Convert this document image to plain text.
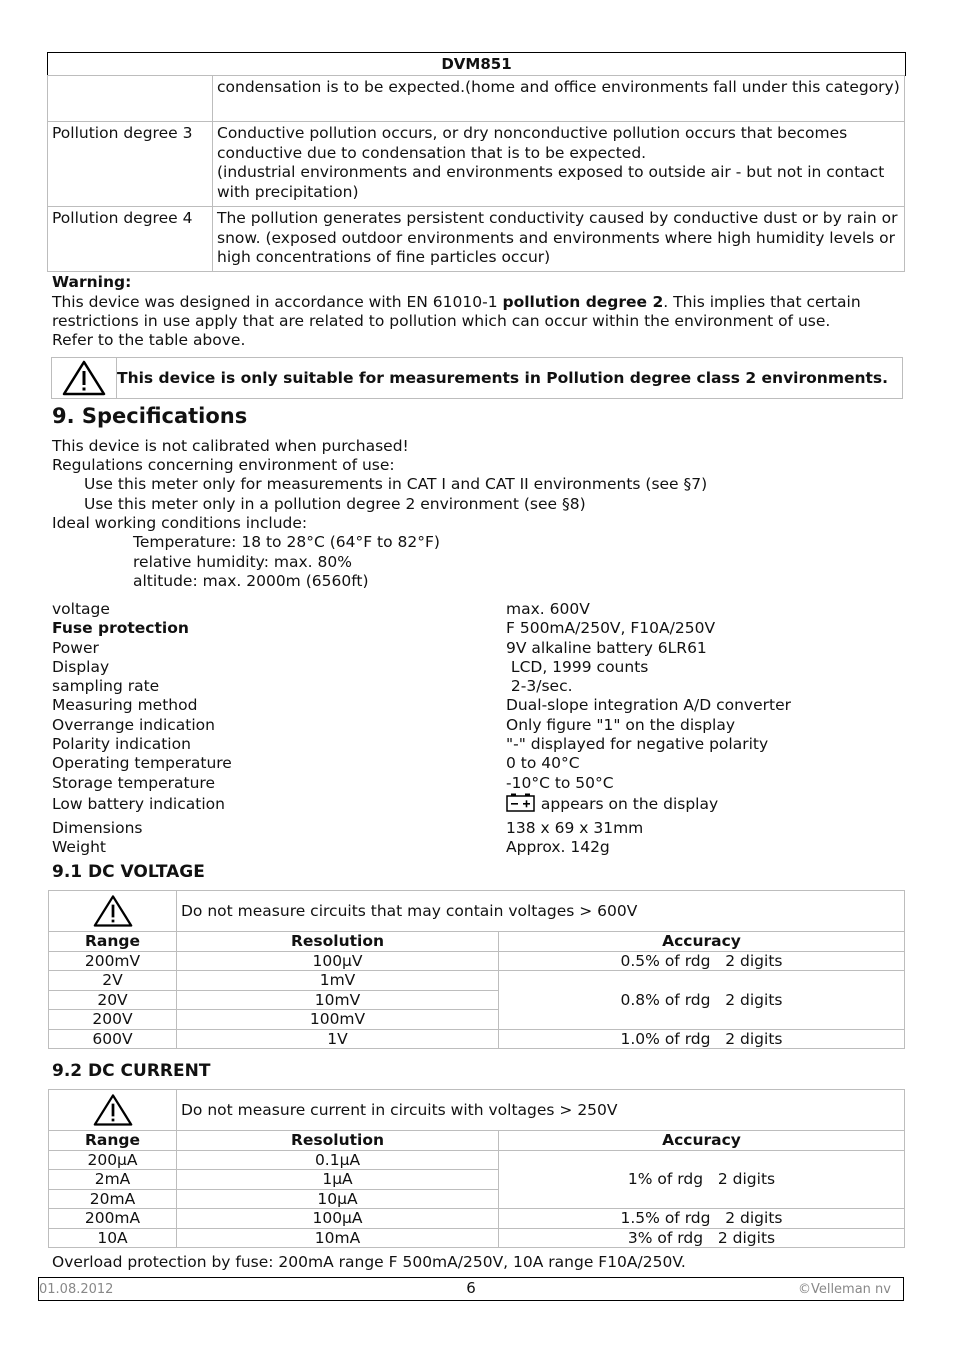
DVM851
	condensation is to be expected.(home and office environments fall under this category)
Pollution degree 3	Conductive pollution occurs, or dry nonconductive pollution occurs that becomes conductive due to condensation that is to be expected.
(industrial environments and environments exposed to outside air - but not in contact with precipitation)
Pollution degree 4	The pollution generates persistent conductivity caused by conductive dust or by rain or snow. (exposed outdoor environments and environments where high humidity levels or high concentrations of fine particles occur)
Warning:
This device was designed in accordance with EN 61010-1 pollution degree 2. This implies that certain
restrictions in use apply that are related to pollution which can occur within the environment of use.
Refer to the table above.
This device is only suitable for measurements in Pollution degree class 2 environments.
9. Specifications
This device is not calibrated when purchased!
Regulations concerning environment of use:
Use this meter only for measurements in CAT I and CAT II environments (see §7)
Use this meter only in a pollution degree 2 environment (see §8)
Ideal working conditions include:
Temperature: 18 to 28°C (64°F to 82°F)
relative humidity: max. 80%
altitude: max. 2000m (6560ft)
voltage	max. 600V
Fuse protection	F 500mA/250V, F10A/250V
Power	9V alkaline battery 6LR61
Display	LCD, 1999 counts
sampling rate	2-3/sec.
Measuring method	Dual-slope integration A/D converter
Overrange indication	Only figure "1" on the display
Polarity indication	"-" displayed for negative polarity
Operating temperature	0 to 40°C
Storage temperature	-10°C to 50°C
Low battery indication	appears on the display
Dimensions	138 x 69 x 31mm
Weight	Approx. 142g
9.1 DC VOLTAGE
	Do not measure circuits that may contain voltages > 600V	
Range	Resolution	Accuracy
200mV	100µV	0.5% of rdg 2 digits
2V	1mV	0.8% of rdg 2 digits
20V	10mV	
200V	100mV	
600V	1V	1.0% of rdg 2 digits
9.2 DC CURRENT
	Do not measure current in circuits with voltages > 250V	
Range	Resolution	Accuracy
200µA	0.1µA	1% of rdg 2 digits
2mA	1µA	
20mA	10µA	
200mA	100µA	1.5% of rdg 2 digits
10A	10mA	3% of rdg 2 digits
Overload protection by fuse: 200mA range F 500mA/250V, 10A range F10A/250V.
01.08.2012	6	©Velleman nv
